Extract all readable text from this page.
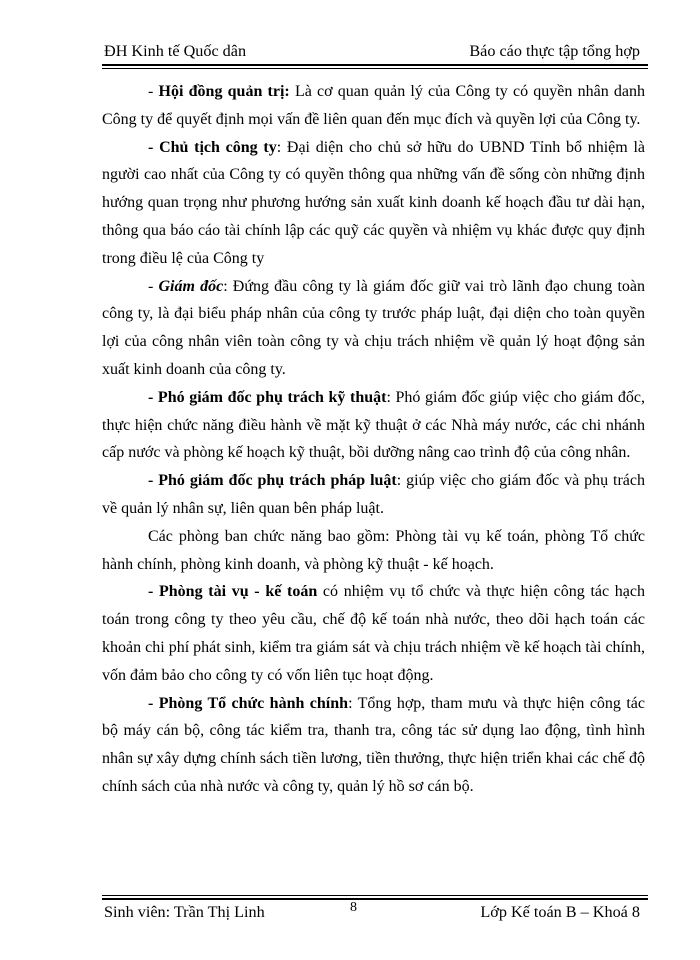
ĐH Kinh tế Quốc dân	Báo cáo thực tập tổng hợp

- Hội đồng quản trị: Là cơ quan quản lý của Công ty có quyền nhân danh Công ty để quyết định mọi vấn đề liên quan đến mục đích và quyền lợi của Công ty.

- Chủ tịch công ty: Đại diện cho chủ sở hữu do UBND Tỉnh bổ nhiệm là người cao nhất của Công ty có quyền thông qua những vấn đề sống còn những định hướng quan trọng như phương hướng sản xuất kinh doanh kế hoạch đầu tư dài hạn, thông qua báo cáo tài chính lập các quỹ các quyền và nhiệm vụ khác được quy định trong điều lệ của Công ty

- Giám đốc: Đứng đầu công ty là giám đốc giữ vai trò lãnh đạo chung toàn công ty, là đại biểu pháp nhân của công ty trước pháp luật, đại diện cho toàn quyền lợi của công nhân viên toàn công ty và chịu trách nhiệm về quản lý hoạt động sản xuất kinh doanh của công ty.

- Phó giám đốc phụ trách kỹ thuật: Phó giám đốc giúp việc cho giám đốc, thực hiện chức năng điều hành về mặt kỹ thuật ở các Nhà máy nước, các chi nhánh cấp nước và phòng kế hoạch kỹ thuật, bồi dưỡng nâng cao trình độ của công nhân.

- Phó giám đốc phụ trách pháp luật: giúp việc cho giám đốc và phụ trách về quản lý nhân sự, liên quan bên pháp luật.

Các phòng ban chức năng bao gồm: Phòng tài vụ kế toán, phòng Tổ chức hành chính, phòng kinh doanh, và phòng kỹ thuật - kế hoạch.

- Phòng tài vụ - kế toán có nhiệm vụ tổ chức và thực hiện công tác hạch toán trong công ty theo yêu cầu, chế độ kế toán nhà nước, theo dõi hạch toán các khoản chi phí phát sinh, kiểm tra giám sát và chịu trách nhiệm về kế hoạch tài chính, vốn đảm bảo cho công ty có vốn liên tục hoạt động.

- Phòng Tổ chức hành chính: Tổng hợp, tham mưu và thực hiện công tác bộ máy cán bộ, công tác kiểm tra, thanh tra, công tác sử dụng lao động, tình hình nhân sự xây dựng chính sách tiền lương, tiền thưởng, thực hiện triển khai các chế độ chính sách của nhà nước và công ty, quản lý hồ sơ cán bộ.

Sinh viên: Trần Thị Linh	8	Lớp Kế toán B – Khoá 8
